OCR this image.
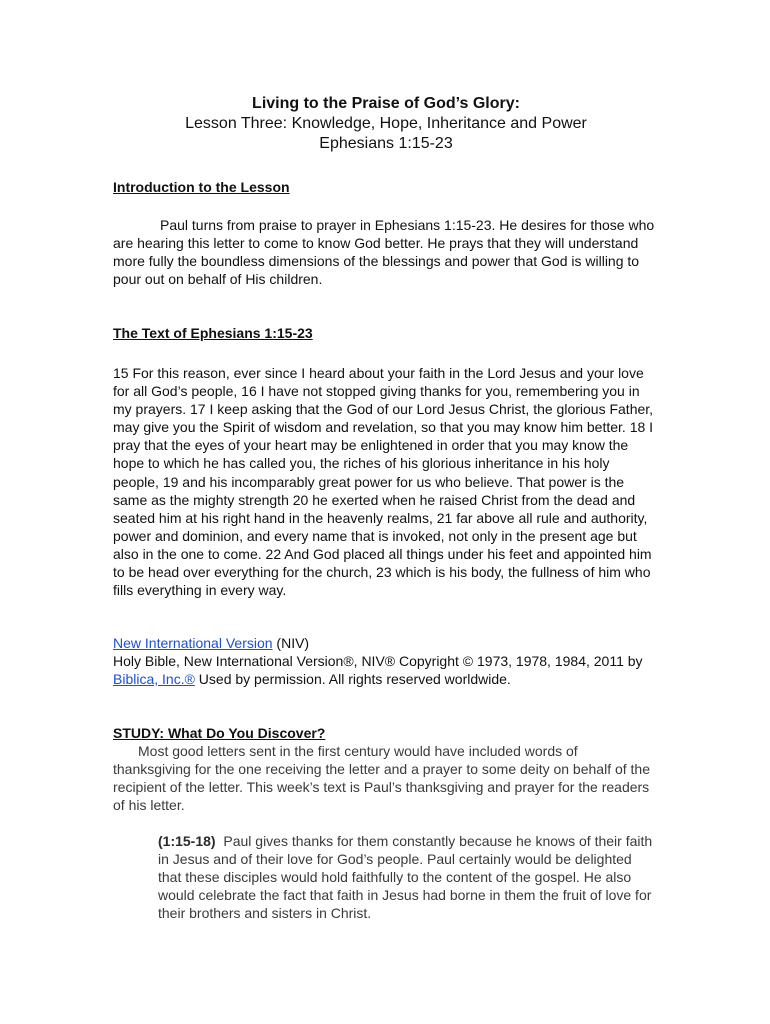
Living to the Praise of God’s Glory:
Lesson Three: Knowledge, Hope, Inheritance and Power
Ephesians 1:15-23
Introduction to the Lesson
Paul turns from praise to prayer in Ephesians 1:15-23. He desires for those who are hearing this letter to come to know God better. He prays that they will understand more fully the boundless dimensions of the blessings and power that God is willing to pour out on behalf of His children.
The Text of Ephesians 1:15-23
15 For this reason, ever since I heard about your faith in the Lord Jesus and your love for all God’s people, 16 I have not stopped giving thanks for you, remembering you in my prayers. 17 I keep asking that the God of our Lord Jesus Christ, the glorious Father, may give you the Spirit of wisdom and revelation, so that you may know him better. 18 I pray that the eyes of your heart may be enlightened in order that you may know the hope to which he has called you, the riches of his glorious inheritance in his holy people, 19 and his incomparably great power for us who believe. That power is the same as the mighty strength 20 he exerted when he raised Christ from the dead and seated him at his right hand in the heavenly realms, 21 far above all rule and authority, power and dominion, and every name that is invoked, not only in the present age but also in the one to come. 22 And God placed all things under his feet and appointed him to be head over everything for the church, 23 which is his body, the fullness of him who fills everything in every way.
New International Version (NIV)
Holy Bible, New International Version®, NIV® Copyright © 1973, 1978, 1984, 2011 by Biblica, Inc.® Used by permission. All rights reserved worldwide.
STUDY: What Do You Discover?
Most good letters sent in the first century would have included words of thanksgiving for the one receiving the letter and a prayer to some deity on behalf of the recipient of the letter. This week’s text is Paul’s thanksgiving and prayer for the readers of his letter.
(1:15-18) Paul gives thanks for them constantly because he knows of their faith in Jesus and of their love for God’s people. Paul certainly would be delighted that these disciples would hold faithfully to the content of the gospel. He also would celebrate the fact that faith in Jesus had borne in them the fruit of love for their brothers and sisters in Christ.
